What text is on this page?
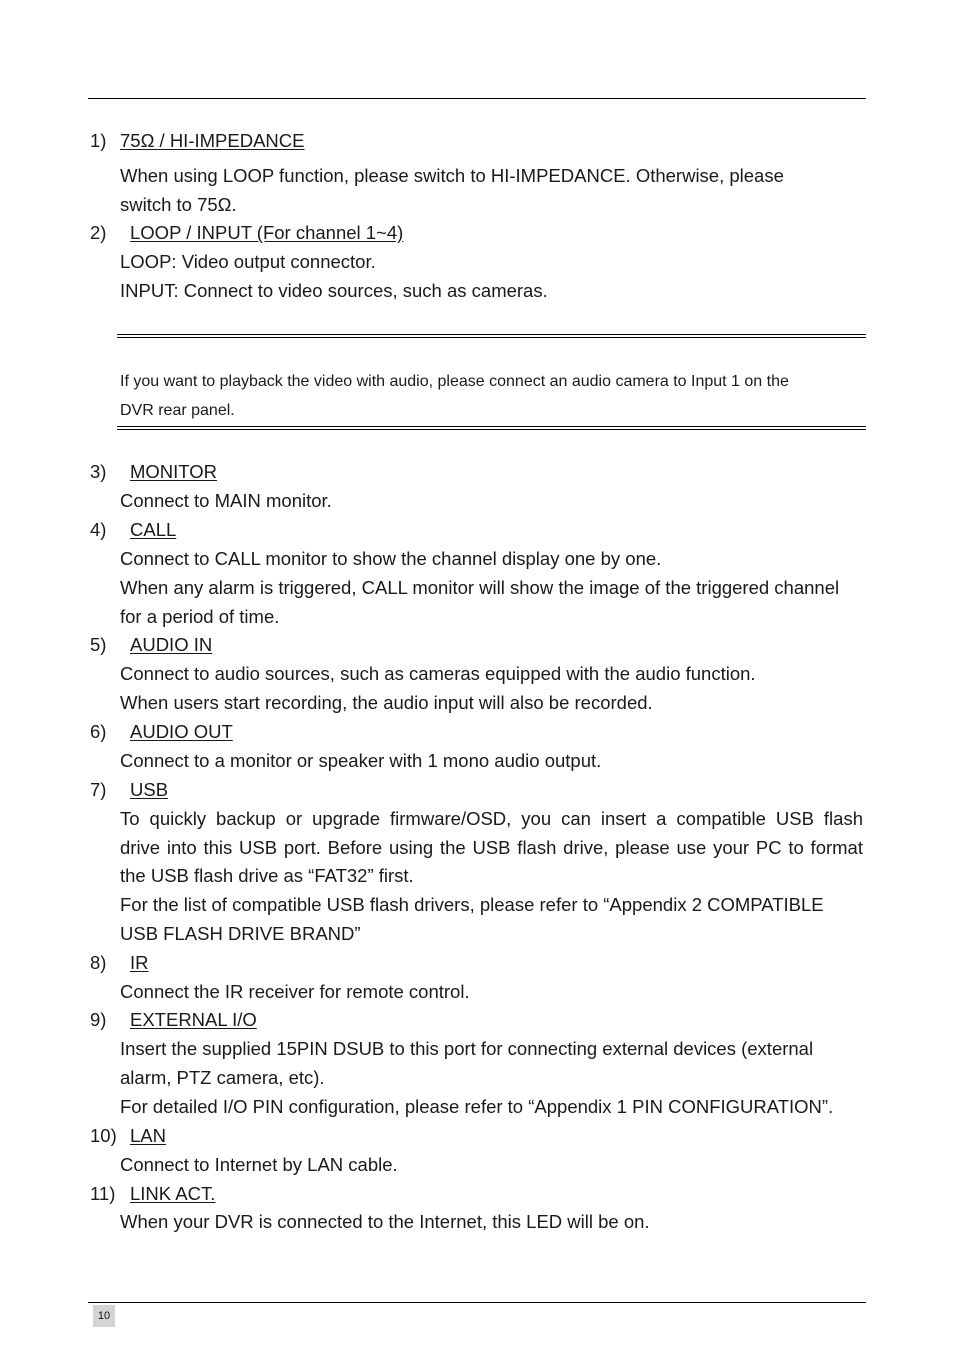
1) 75Ω / HI-IMPEDANCE
When using LOOP function, please switch to HI-IMPEDANCE. Otherwise, please
switch to 75Ω.
2) LOOP / INPUT (For channel 1~4)
LOOP: Video output connector.
INPUT: Connect to video sources, such as cameras.
If you want to playback the video with audio, please connect an audio camera to Input 1 on the
DVR rear panel.
3) MONITOR
Connect to MAIN monitor.
4) CALL
Connect to CALL monitor to show the channel display one by one.
When any alarm is triggered, CALL monitor will show the image of the triggered channel
for a period of time.
5) AUDIO IN
Connect to audio sources, such as cameras equipped with the audio function.
When users start recording, the audio input will also be recorded.
6) AUDIO OUT
Connect to a monitor or speaker with 1 mono audio output.
7) USB
To quickly backup or upgrade firmware/OSD, you can insert a compatible USB flash
drive into this USB port. Before using the USB flash drive, please use your PC to format
the USB flash drive as “FAT32” first.
For the list of compatible USB flash drivers, please refer to “Appendix 2 COMPATIBLE
USB FLASH DRIVE BRAND”
8) IR
Connect the IR receiver for remote control.
9) EXTERNAL I/O
Insert the supplied 15PIN DSUB to this port for connecting external devices (external
alarm, PTZ camera, etc).
For detailed I/O PIN configuration, please refer to “Appendix 1 PIN CONFIGURATION”.
10) LAN
Connect to Internet by LAN cable.
11) LINK ACT.
When your DVR is connected to the Internet, this LED will be on.
10
